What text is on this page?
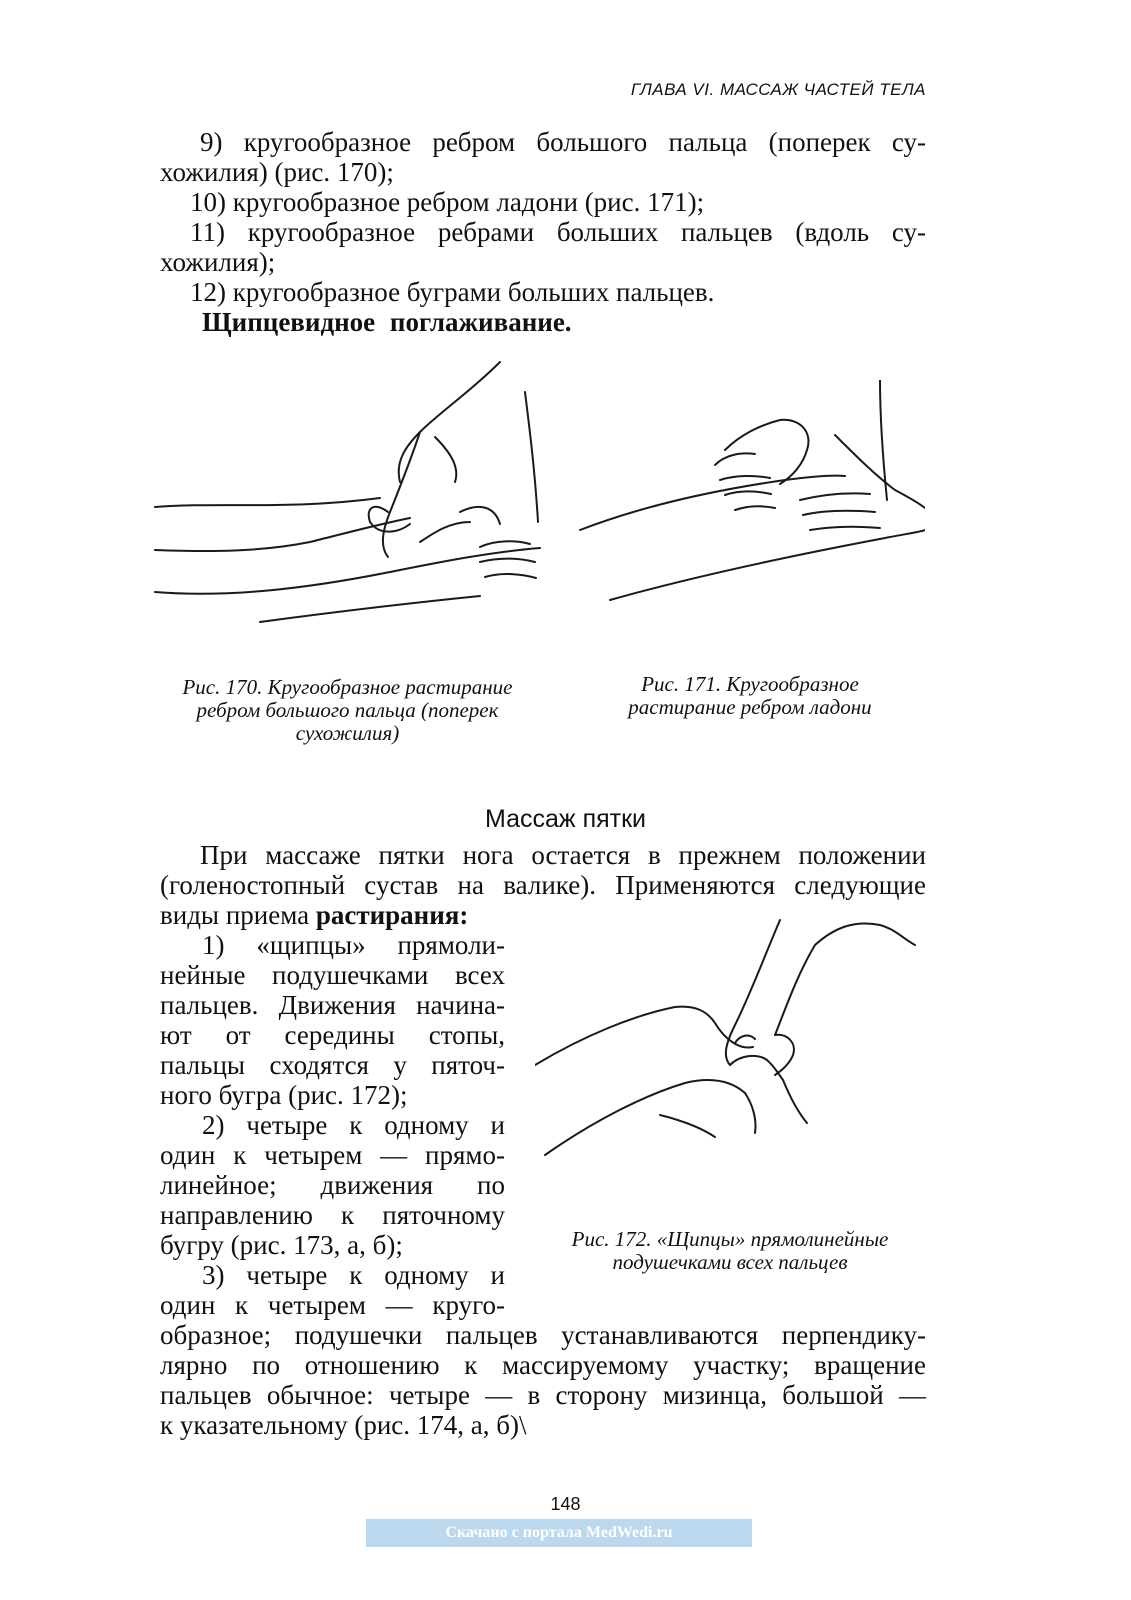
ГЛАВА VI. МАССАЖ ЧАСТЕЙ ТЕЛА

9) кругообразное ребром большого пальца (поперек су-

хожилия) (рис. 170);

10) кругообразное ребром ладони (рис. 171);

11) кругообразное ребрами больших пальцев (вдоль су-

хожилия);

12) кругообразное буграми больших пальцев.

Щипцевидное поглаживание.

Рис. 170. Кругообразное растирание ребром большого пальца (поперек сухожилия)
Рис. 171. Кругообразное растирание ребром ладони
Массаж пятки

При массаже пятки нога остается в прежнем положении

(голеностопный сустав на валике). Применяются следующие

виды приема растирания:

1) «щипцы» прямоли-

нейные подушечками всех

пальцев. Движения начина-

ют от середины стопы,

пальцы сходятся у пяточ-

ного бугра (рис. 172);

2) четыре к одному и

один к четырем — прямо-

линейное; движения по

направлению к пяточному

бугру (рис. 173, а, б);

3) четыре к одному и

один к четырем — круго-

Рис. 172. «Щипцы» прямолинейные подушечками всех пальцев

образное; подушечки пальцев устанавливаются перпендику-

лярно по отношению к массируемому участку; вращение

пальцев обычное: четыре — в сторону мизинца, большой —

к указательному (рис. 174, а, б)\

148
Скачано с портала MedWedi.ru
